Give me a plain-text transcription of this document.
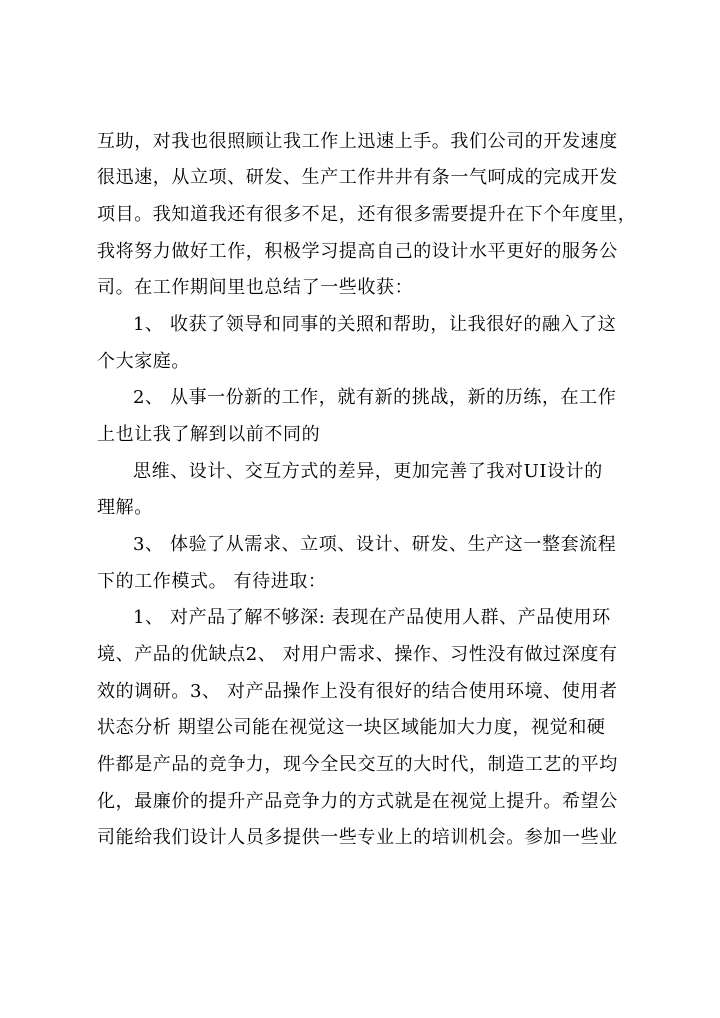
互助，对我也很照顾让我工作上迅速上手。我们公司的开发速度
很迅速，从立项、研发、生产工作井井有条一气呵成的完成开发
项目。我知道我还有很多不足，还有很多需要提升在下个年度里，
我将努力做好工作，积极学习提高自己的设计水平更好的服务公
司。在工作期间里也总结了一些收获：
1、 收获了领导和同事的关照和帮助，让我很好的融入了这
个大家庭。
2、 从事一份新的工作，就有新的挑战，新的历练，在工作
上也让我了解到以前不同的
思维、设计、交互方式的差异，更加完善了我对UI设计的
理解。
3、 体验了从需求、立项、设计、研发、生产这一整套流程
下的工作模式。 有待进取：
1、 对产品了解不够深: 表现在产品使用人群、产品使用环
境、产品的优缺点2、 对用户需求、操作、习性没有做过深度有
效的调研。3、 对产品操作上没有很好的结合使用环境、使用者
状态分析 期望公司能在视觉这一块区域能加大力度，视觉和硬
件都是产品的竞争力，现今全民交互的大时代，制造工艺的平均
化，最廉价的提升产品竞争力的方式就是在视觉上提升。希望公
司能给我们设计人员多提供一些专业上的培训机会。参加一些业
